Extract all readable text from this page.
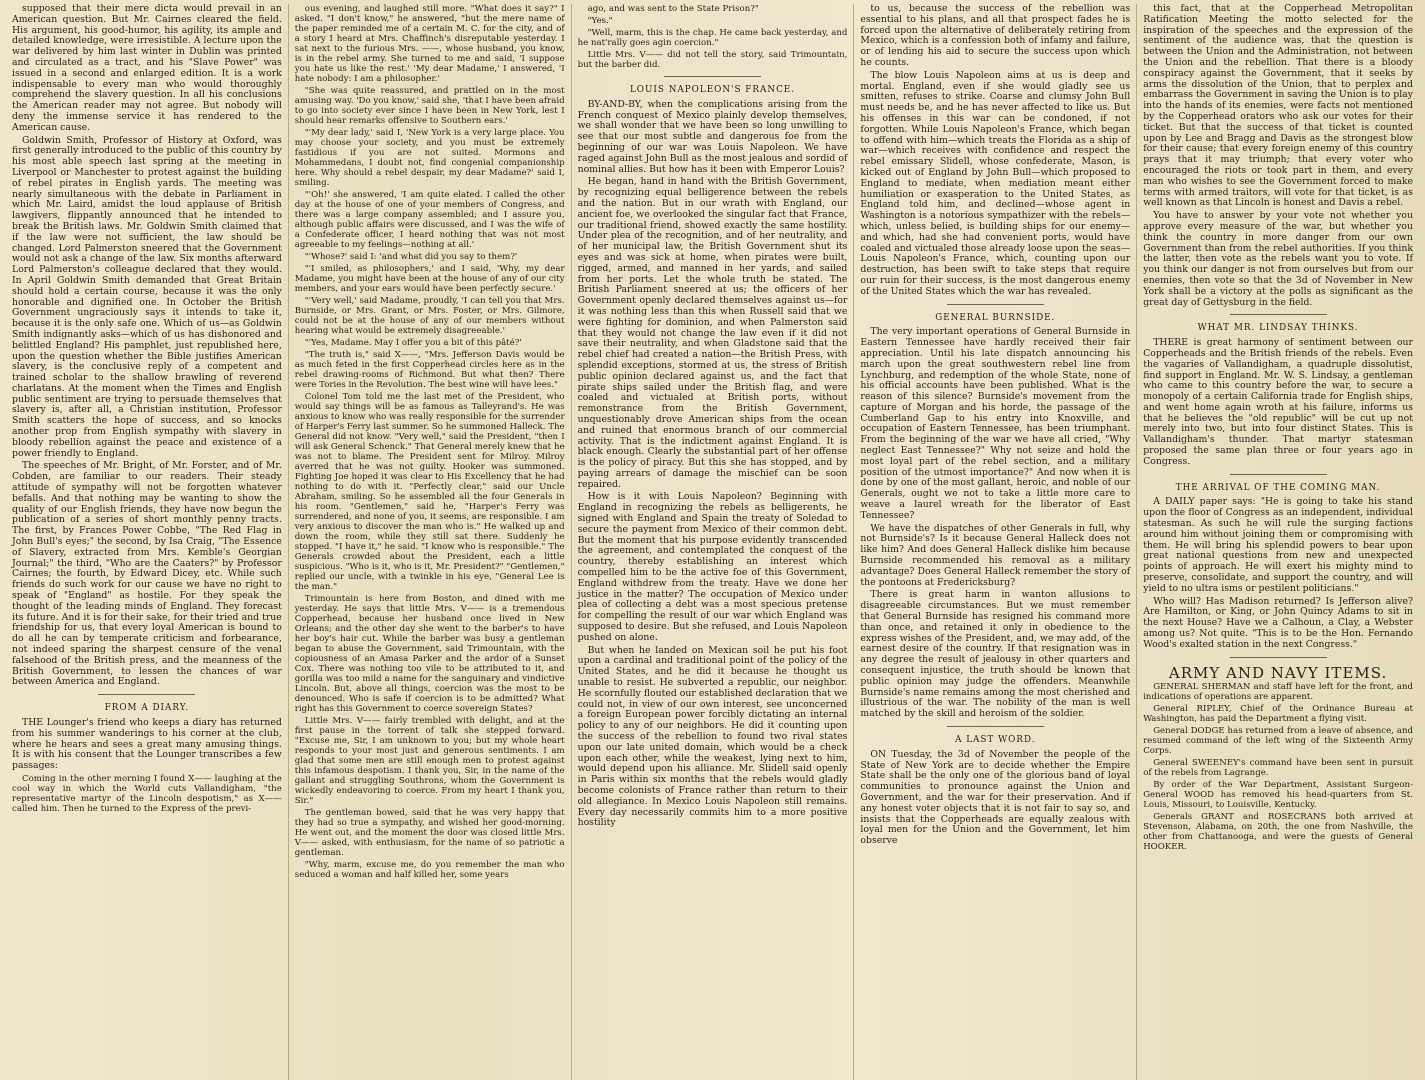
supposed that their mere dicta would prevail in an American question. But Mr. Cairnes cleared the field. His argument, his good-humor, his agility, its ample and detailed knowledge, were irresistible. A lecture upon the war delivered by him last winter in Dublin was printed and circulated as a tract, and his "Slave Power" was issued in a second and enlarged edition. It is a work indispensable to every man who would thoroughly comprehend the slavery question. In all his conclusions the American reader may not agree. But nobody will deny the immense service it has rendered to the American cause.

Goldwin Smith, Professor of History at Oxford, was first generally introduced to the public of this country by his most able speech last spring at the meeting in Liverpool or Manchester to protest against the building of rebel pirates in English yards. The meeting was nearly simultaneous with the debate in Parliament in which Mr. Laird, amidst the loud applause of British lawgivers, flippantly announced that he intended to break the British laws. Mr. Goldwin Smith claimed that if the law were not sufficient, the law should be changed. Lord Palmerston sneered that the Government would not ask a change of the law. Six months afterward Lord Palmerston's colleague declared that they would. In April Goldwin Smith demanded that Great Britain should hold a certain course, because it was the only honorable and dignified one. In October the British Government ungraciously says it intends to take it, because it is the only safe one. Which of us—as Goldwin Smith indignantly asks—which of us has dishonored and belittled England? His pamphlet, just republished here, upon the question whether the Bible justifies American slavery, is the conclusive reply of a competent and trained scholar to the shallow brawling of reverend charlatans. At the moment when the Times and English public sentiment are trying to persuade themselves that slavery is, after all, a Christian institution, Professor Smith scatters the hope of success, and so knocks another prop from English sympathy with slavery in bloody rebellion against the peace and existence of a power friendly to England.

The speeches of Mr. Bright, of Mr. Forster, and of Mr. Cobden, are familiar to our readers. Their steady attitude of sympathy will not be forgotten whatever befalls. And that nothing may be wanting to show the quality of our English friends, they have now begun the publication of a series of short monthly penny tracts. The first, by Frances Power Cobbe, "The Red Flag in John Bull's eyes;" the second, by Isa Craig, "The Essence of Slavery, extracted from Mrs. Kemble's Georgian Journal;" the third, "Who are the Caaters?" by Professor Cairnes; the fourth, by Edward Dicey, etc. While such friends do such work for our cause we have no right to speak of "England" as hostile. For they speak the thought of the leading minds of England. They forecast its future. And it is for their sake, for their tried and true friendship for us, that every loyal American is bound to do all he can by temperate criticism and forbearance, not indeed sparing the sharpest censure of the venal falsehood of the British press, and the meanness of the British Government, to lessen the chances of war between America and England.

FROM A DIARY.

THE Lounger's friend who keeps a diary has returned from his summer wanderings to his corner at the club, where he hears and sees a great many amusing things. It is with his consent that the Lounger transcribes a few passages:

Coming in the other morning I found X—— laughing at the cool way in which the World cuts Vallandigham, "the representative martyr of the Lincoln despotism," as X—— called him. Then he turned to the Express of the previ-

ous evening, and laughed still more. "What does it say?" I asked. "I don't know," he answered, "but the mere name of the paper reminded me of a certain M. C. for the city, and of a story I heard at Mrs. Chaffinch's disreputable yesterday. I sat next to the furious Mrs. ——, whose husband, you know, is in the rebel army. She turned to me and said, 'I suppose you hate us like the rest.' 'My dear Madame,' I answered, 'I hate nobody: I am a philosopher.'

"She was quite reassured, and prattled on in the most amusing way. 'Do you know,' said she, 'that I have been afraid to go into society ever since I have been in New York, lest I should hear remarks offensive to Southern ears.'

"'My dear lady,' said I, 'New York is a very large place. You may choose your society, and you must be extremely fastidious if you are not suited. Mormons and Mohammedans, I doubt not, find congenial companionship here. Why should a rebel despair, my dear Madame?' said I, smiling.

"'Oh!' she answered, 'I am quite elated. I called the other day at the house of one of your members of Congress, and there was a large company assembled; and I assure you, although public affairs were discussed, and I was the wife of a Confederate officer, I heard nothing that was not most agreeable to my feelings—nothing at all.'

"'Whose?' said I: 'and what did you say to them?'

"'I smiled, as philosophers,' and I said, 'Why, my dear Madame, you might have been at the house of any of our city members, and your ears would have been perfectly secure.'

"'Very well,' said Madame, proudly, 'I can tell you that Mrs. Burnside, or Mrs. Grant, or Mrs. Foster, or Mrs. Gilmore, could not be at the house of any of our members without hearing what would be extremely disagreeable.'

"'Yes, Madame. May I offer you a bit of this pâté?'

"The truth is," said X——, "Mrs. Jefferson Davis would be as much feted in the first Copperhead circles here as in the rebel drawing-rooms of Richmond. But what then? There were Tories in the Revolution. The best wine will have lees."

Colonel Tom told me the last met of the President, who would say things will be as famous as Talleyrand's. He was anxious to know who was really responsible for the surrender of Harper's Ferry last summer. So he summoned Halleck. The General did not know. "Very well," said the President, "then I will ask General Schenck." That General merely knew that he was not to blame. The President sent for Milroy. Milroy averred that he was not guilty. Hooker was summoned. Fighting Joe hoped it was clear to His Excellency that he had nothing to do with it. "Perfectly clear," said our Uncle Abraham, smiling. So he assembled all the four Generals in his room. "Gentlemen," said he, "Harper's Ferry was surrendered, and none of you, it seems, are responsible. I am very anxious to discover the man who is." He walked up and down the room, while they still sat there. Suddenly he stopped. "I have it," he said. "I know who is responsible." The Generals crowded about the President, each a little suspicious. "Who is it, who is it, Mr. President?" "Gentlemen," replied our uncle, with a twinkle in his eye, "General Lee is the man."

Trimountain is here from Boston, and dined with me yesterday. He says that little Mrs. V—— is a tremendous Copperhead, because her husband once lived in New Orleans; and the other day she went to the barber's to have her boy's hair cut. While the barber was busy a gentleman began to abuse the Government, said Trimountain, with the copiousness of an Amasa Parker and the ardor of a Sunset Cox. There was nothing too vile to be attributed to it, and gorilla was too mild a name for the sanguinary and vindictive Lincoln. But, above all things, coercion was the most to be denounced. Who is safe if coercion is to be admitted? What right has this Government to coerce sovereign States?

Little Mrs. V—— fairly trembled with delight, and at the first pause in the torrent of talk she stepped forward. "Excuse me, Sir, I am unknown to you; but my whole heart responds to your most just and generous sentiments. I am glad that some men are still enough men to protest against this infamous despotism. I thank you, Sir, in the name of the gallant and struggling Southrons, whom the Government is wickedly endeavoring to coerce. From my heart I thank you, Sir."

The gentleman bowed, said that he was very happy that they had so true a sympathy, and wished her good-morning. He went out, and the moment the door was closed little Mrs. V—— asked, with enthusiasm, for the name of so patriotic a gentleman.

"Why, marm, excuse me, do you remember the man who seduced a woman and half killed her, some years

ago, and was sent to the State Prison?"

"Yes."

"Well, marm, this is the chap. He came back yesterday, and he nat'rally goes agin coercion."

Little Mrs. V—— did not tell the story, said Trimountain, but the barber did.

LOUIS NAPOLEON'S FRANCE.

BY-AND-BY, when the complications arising from the French conquest of Mexico plainly develop themselves, we shall wonder that we have been so long unwilling to see that our most subtle and dangerous foe from the beginning of our war was Louis Napoleon. We have raged against John Bull as the most jealous and sordid of nominal allies. But how has it been with Emperor Louis?

He began, hand in hand with the British Government, by recognizing equal belligerence between the rebels and the nation. But in our wrath with England, our ancient foe, we overlooked the singular fact that France, our traditional friend, showed exactly the same hostility. Under plea of the recognition, and of her neutrality, and of her municipal law, the British Government shut its eyes and was sick at home, when pirates were built, rigged, armed, and manned in her yards, and sailed from her ports. Let the whole truth be stated. The British Parliament sneered at us; the officers of her Government openly declared themselves against us—for it was nothing less than this when Russell said that we were fighting for dominion, and when Palmerston said that they would not change the law even if it did not save their neutrality, and when Gladstone said that the rebel chief had created a nation—the British Press, with splendid exceptions, stormed at us, the stress of British public opinion declared against us, and the fact that pirate ships sailed under the British flag, and were coaled and victualed at British ports, without remonstrance from the British Government, unquestionably drove American ships from the ocean and ruined that enormous branch of our commercial activity. That is the indictment against England. It is black enough. Clearly the substantial part of her offense is the policy of piracy. But this she has stopped, and by paying arrears of damage the mischief can be soon repaired.

How is it with Louis Napoleon? Beginning with England in recognizing the rebels as belligerents, he signed with England and Spain the treaty of Soledad to secure the payment from Mexico of their common debt. But the moment that his purpose evidently transcended the agreement, and contemplated the conquest of the country, thereby establishing an interest which compelled him to be the active foe of this Government, England withdrew from the treaty. Have we done her justice in the matter? The occupation of Mexico under plea of collecting a debt was a most specious pretense for compelling the result of our war which England was supposed to desire. But she refused, and Louis Napoleon pushed on alone.

But when he landed on Mexican soil he put his foot upon a cardinal and traditional point of the policy of the United States, and he did it because he thought us unable to resist. He subverted a republic, our neighbor. He scornfully flouted our established declaration that we could not, in view of our own interest, see unconcerned a foreign European power forcibly dictating an internal policy to any of our neighbors. He did it counting upon the success of the rebellion to found two rival states upon our late united domain, which would be a check upon each other, while the weakest, lying next to him, would depend upon his alliance. Mr. Slidell said openly in Paris within six months that the rebels would gladly become colonists of France rather than return to their old allegiance. In Mexico Louis Napoleon still remains. Every day necessarily commits him to a more positive hostility

to us, because the success of the rebellion was essential to his plans, and all that prospect fades he is forced upon the alternative of deliberately retiring from Mexico, which is a confession both of infamy and failure, or of lending his aid to secure the success upon which he counts.

The blow Louis Napoleon aims at us is deep and mortal. England, even if she would gladly see us smitten, refuses to strike. Coarse and clumsy John Bull must needs be, and he has never affected to like us. But his offenses in this war can be condoned, if not forgotten. While Louis Napoleon's France, which began to offend with him—which treats the Florida as a ship of war—which receives with confidence and respect the rebel emissary Slidell, whose confederate, Mason, is kicked out of England by John Bull—which proposed to England to mediate, when mediation meant either humiliation or exasperation to the United States, as England told him, and declined—whose agent in Washington is a notorious sympathizer with the rebels—which, unless belied, is building ships for our enemy—and which, had she had convenient ports, would have coaled and victualed those already loose upon the seas—Louis Napoleon's France, which, counting upon our destruction, has been swift to take steps that require our ruin for their success, is the most dangerous enemy of the United States which the war has revealed.

GENERAL BURNSIDE.

The very important operations of General Burnside in Eastern Tennessee have hardly received their fair appreciation. Until his late dispatch announcing his march upon the great southwestern rebel line from Lynchburg, and redemption of the whole State, none of his official accounts have been published. What is the reason of this silence? Burnside's movement from the capture of Morgan and his horde, the passage of the Cumberland Gap to his entry into Knoxville, and occupation of Eastern Tennessee, has been triumphant. From the beginning of the war we have all cried, "Why neglect East Tennessee?" Why not seize and hold the most loyal part of the rebel section, and a military position of the utmost importance?" And now when it is done by one of the most gallant, heroic, and noble of our Generals, ought we not to take a little more care to weave a laurel wreath for the liberator of East Tennessee?

We have the dispatches of other Generals in full, why not Burnside's? Is it because General Halleck does not like him? And does General Halleck dislike him because Burnside recommended his removal as a military advantage? Does General Halleck remember the story of the pontoons at Fredericksburg?

There is great harm in wanton allusions to disagreeable circumstances. But we must remember that General Burnside has resigned his command more than once, and retained it only in obedience to the express wishes of the President, and, we may add, of the earnest desire of the country. If that resignation was in any degree the result of jealousy in other quarters and consequent injustice, the truth should be known that public opinion may judge the offenders. Meanwhile Burnside's name remains among the most cherished and illustrious of the war. The nobility of the man is well matched by the skill and heroism of the soldier.

A LAST WORD.

ON Tuesday, the 3d of November the people of the State of New York are to decide whether the Empire State shall be the only one of the glorious band of loyal communities to pronounce against the Union and Government, and the war for their preservation. And if any honest voter objects that it is not fair to say so, and insists that the Copperheads are equally zealous with loyal men for the Union and the Government, let him observe

this fact, that at the Copperhead Metropolitan Ratification Meeting the motto selected for the inspiration of the speeches and the expression of the sentiment of the audience was, that the question is between the Union and the Administration, not between the Union and the rebellion. That there is a bloody conspiracy against the Government, that it seeks by arms the dissolution of the Union, that to perplex and embarrass the Government in saving the Union is to play into the hands of its enemies, were facts not mentioned by the Copperhead orators who ask our votes for their ticket. But that the success of that ticket is counted upon by Lee and Bragg and Davis as the strongest blow for their cause; that every foreign enemy of this country prays that it may triumph; that every voter who encouraged the riots or took part in them, and every man who wishes to see the Government forced to make terms with armed traitors, will vote for that ticket, is as well known as that Lincoln is honest and Davis a rebel.

You have to answer by your vote not whether you approve every measure of the war, but whether you think the country in more danger from our own Government than from the rebel authorities. If you think the latter, then vote as the rebels want you to vote. If you think our danger is not from ourselves but from our enemies, then vote so that the 3d of November in New York shall be a victory at the polls as significant as the great day of Gettysburg in the field.

WHAT MR. LINDSAY THINKS.

THERE is great harmony of sentiment between our Copperheads and the British friends of the rebels. Even the vagaries of Vallandigham, a quadruple dissolutist, find support in England. Mr. W. S. Lindsay, a gentleman who came to this country before the war, to secure a monopoly of a certain California trade for English ships, and went home again wroth at his failure, informs us that he believes the "old republic" will be cut up not merely into two, but into four distinct States. This is Vallandigham's thunder. That martyr statesman proposed the same plan three or four years ago in Congress.

THE ARRIVAL OF THE COMING MAN.

A DAILY paper says: "He is going to take his stand upon the floor of Congress as an independent, individual statesman. As such he will rule the surging factions around him without joining them or compromising with them. He will bring his splendid powers to bear upon great national questions from new and unexpected points of approach. He will exert his mighty mind to preserve, consolidate, and support the country, and will yield to no ultra isms or pestilent politicians."

Who will? Has Madison returned? Is Jefferson alive? Are Hamilton, or King, or John Quincy Adams to sit in the next House? Have we a Calhoun, a Clay, a Webster among us? Not quite. "This is to be the Hon. Fernando Wood's exalted station in the next Congress."

ARMY AND NAVY ITEMS.

GENERAL SHERMAN and staff have left for the front, and indications of operations are apparent.

General RIPLEY, Chief of the Ordnance Bureau at Washington, has paid the Department a flying visit.

General DODGE has returned from a leave of absence, and resumed command of the left wing of the Sixteenth Army Corps.

General SWEENEY's command have been sent in pursuit of the rebels from Lagrange.

By order of the War Department, Assistant Surgeon-General WOOD has removed his head-quarters from St. Louis, Missouri, to Louisville, Kentucky.

Generals GRANT and ROSECRANS both arrived at Stevenson, Alabama, on 20th, the one from Nashville, the other from Chattanooga, and were the guests of General HOOKER.
